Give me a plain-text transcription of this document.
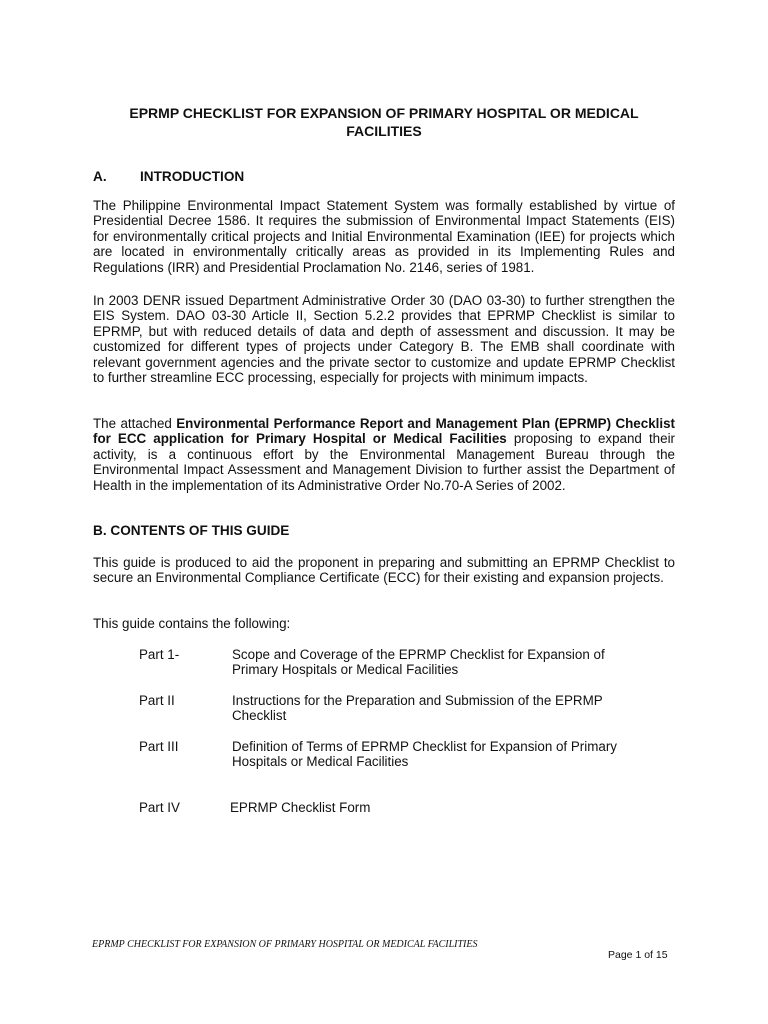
EPRMP CHECKLIST FOR EXPANSION OF PRIMARY HOSPITAL OR MEDICAL FACILITIES
A. INTRODUCTION

The Philippine Environmental Impact Statement System was formally established by virtue of Presidential Decree 1586. It requires the submission of Environmental Impact Statements (EIS) for environmentally critical projects and Initial Environmental Examination (IEE) for projects which are located in environmentally critically areas as provided in its Implementing Rules and Regulations (IRR) and Presidential Proclamation No. 2146, series of 1981.

In 2003 DENR issued Department Administrative Order 30 (DAO 03-30) to further strengthen the EIS System. DAO 03-30 Article II, Section 5.2.2 provides that EPRMP Checklist is similar to EPRMP, but with reduced details of data and depth of assessment and discussion. It may be customized for different types of projects under Category B. The EMB shall coordinate with relevant government agencies and the private sector to customize and update EPRMP Checklist to further streamline ECC processing, especially for projects with minimum impacts.

The attached Environmental Performance Report and Management Plan (EPRMP) Checklist for ECC application for Primary Hospital or Medical Facilities proposing to expand their activity, is a continuous effort by the Environmental Management Bureau through the Environmental Impact Assessment and Management Division to further assist the Department of Health in the implementation of its Administrative Order No.70-A Series of 2002.

B. CONTENTS OF THIS GUIDE

This guide is produced to aid the proponent in preparing and submitting an EPRMP Checklist to secure an Environmental Compliance Certificate (ECC) for their existing and expansion projects.

This guide contains the following:

Part 1-	Scope and Coverage of the EPRMP Checklist for Expansion of Primary Hospitals or Medical Facilities
Part II	Instructions for the Preparation and Submission of the EPRMP Checklist
Part III	Definition of Terms of EPRMP Checklist for Expansion of Primary Hospitals or Medical Facilities
Part IV	EPRMP Checklist Form
EPRMP CHECKLIST FOR EXPANSION OF PRIMARY HOSPITAL OR MEDICAL FACILITIES
Page 1 of 15
